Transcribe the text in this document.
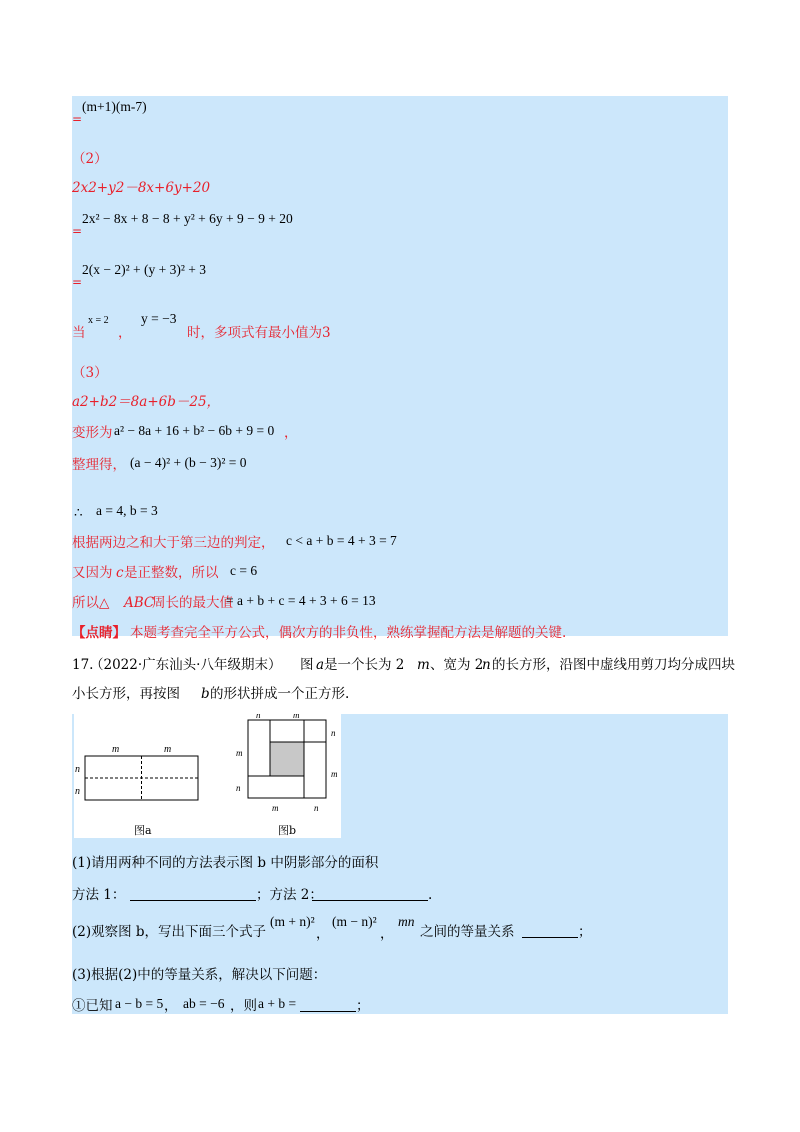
=
(m+1)(m-7)
（2）
2x2+y2－8x+6y+20
=
2x² − 8x + 8 − 8 + y² + 6y + 9 − 9 + 20
=
2(x − 2)² + (y + 3)² + 3
当
x = 2
，
y = −3
时，多项式有最小值为3
（3）
a2+b2＝8a+6b－25，
变形为 a² − 8a + 16 + b² − 6b + 9 = 0 ，
整理得， (a − 4)² + (b − 3)² = 0
∴ a = 4, b = 3
根据两边之和大于第三边的判定， c < a + b = 4 + 3 = 7
又因为 c 是正整数，所以 c = 6
所以△ ABC
周长的最大值
= a + b + c = 4 + 3 + 6 = 13
【点睛】 本题考查完全平方公式，偶次方的非负性，熟练掌握配方法是解题的关键.
17.
（2022·广东汕头·八年级期末） 图 a 是一个长为 2 m 、宽为 2
n 的长方形，沿图中虚线用剪刀均分成四块
小长方形，再按图 b 的形状拼成一个正方形.
m	m
n
n
n	m
m
n
n
m
m	n
图a	图b
(1)请用两种不同的方法表示图 b 中阴影部分的面积
方法 1：	；方法 2：	.
(2)观察图 b，写出下面三个式子
(m + n)²
，
(m − n)²
，
mn
之间的等量关系	；
(3)根据(2)中的等量关系，解决以下问题：
①已知 a − b = 5 ， ab = −6 ，则 a + b =	；
